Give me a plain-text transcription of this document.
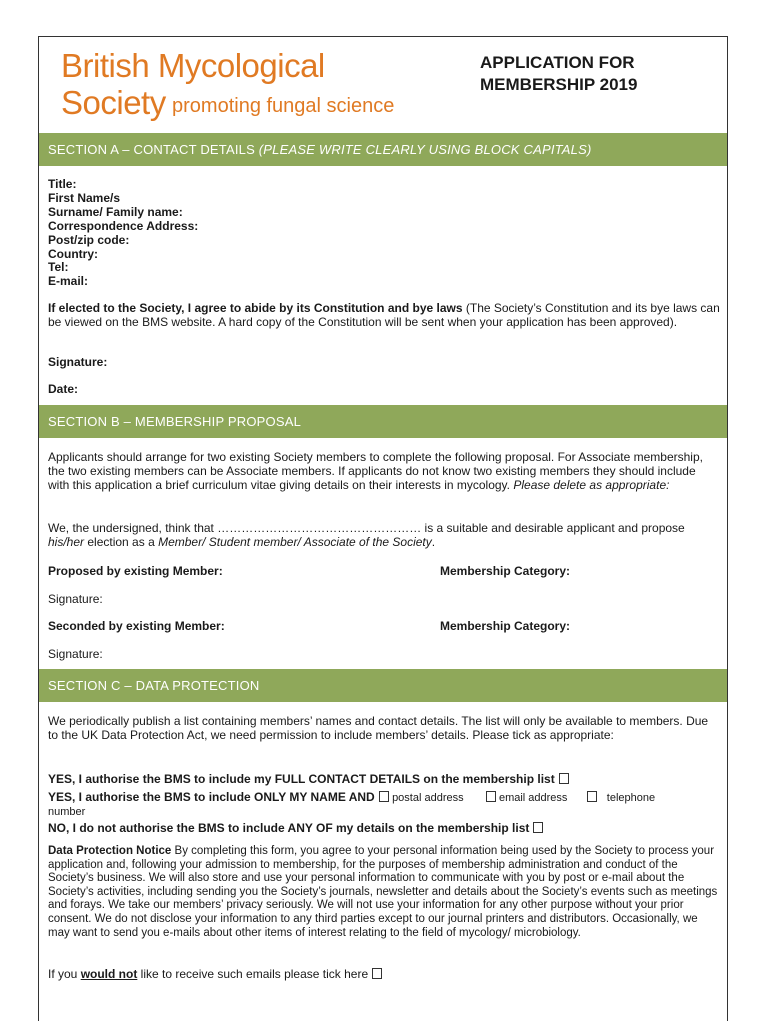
British Mycological
Society promoting fungal science
APPLICATION FOR
MEMBERSHIP 2019
SECTION A – CONTACT DETAILS (PLEASE WRITE CLEARLY USING BLOCK CAPITALS)
Title:
First Name/s
Surname/ Family name:
Correspondence Address:
Post/zip code:
Country:
Tel:
E-mail:
If elected to the Society, I agree to abide by its Constitution and bye laws (The Society’s Constitution and its bye laws can be viewed on the BMS website. A hard copy of the Constitution will be sent when your application has been approved).
Signature:
Date:
SECTION B – MEMBERSHIP PROPOSAL
Applicants should arrange for two existing Society members to complete the following proposal. For Associate membership, the two existing members can be Associate members. If applicants do not know two existing members they should include with this application a brief curriculum vitae giving details on their interests in mycology. Please delete as appropriate:
We, the undersigned, think that …………………………………………… is a suitable and desirable applicant and propose his/her election as a Member/ Student member/ Associate of the Society.
Proposed by existing Member:	Membership Category:
Signature:
Seconded by existing Member:	Membership Category:
Signature:
SECTION C – DATA PROTECTION
We periodically publish a list containing members’ names and contact details. The list will only be available to members. Due to the UK Data Protection Act, we need permission to include members’ details. Please tick as appropriate:
YES, I authorise the BMS to include my FULL CONTACT DETAILS on the membership list
YES, I authorise the BMS to include ONLY MY NAME AND postal address	email address	telephone
number
NO, I do not authorise the BMS to include ANY OF my details on the membership list
Data Protection Notice By completing this form, you agree to your personal information being used by the Society to process your application and, following your admission to membership, for the purposes of membership administration and conduct of the Society’s business. We will also store and use your personal information to communicate with you by post or e-mail about the Society’s activities, including sending you the Society’s journals, newsletter and details about the Society’s events such as meetings and forays. We take our members’ privacy seriously. We will not use your information for any other purpose without your prior consent. We do not disclose your information to any third parties except to our journal printers and distributors. Occasionally, we may want to send you e-mails about other items of interest relating to the field of mycology/ microbiology.
If you would not like to receive such emails please tick here
